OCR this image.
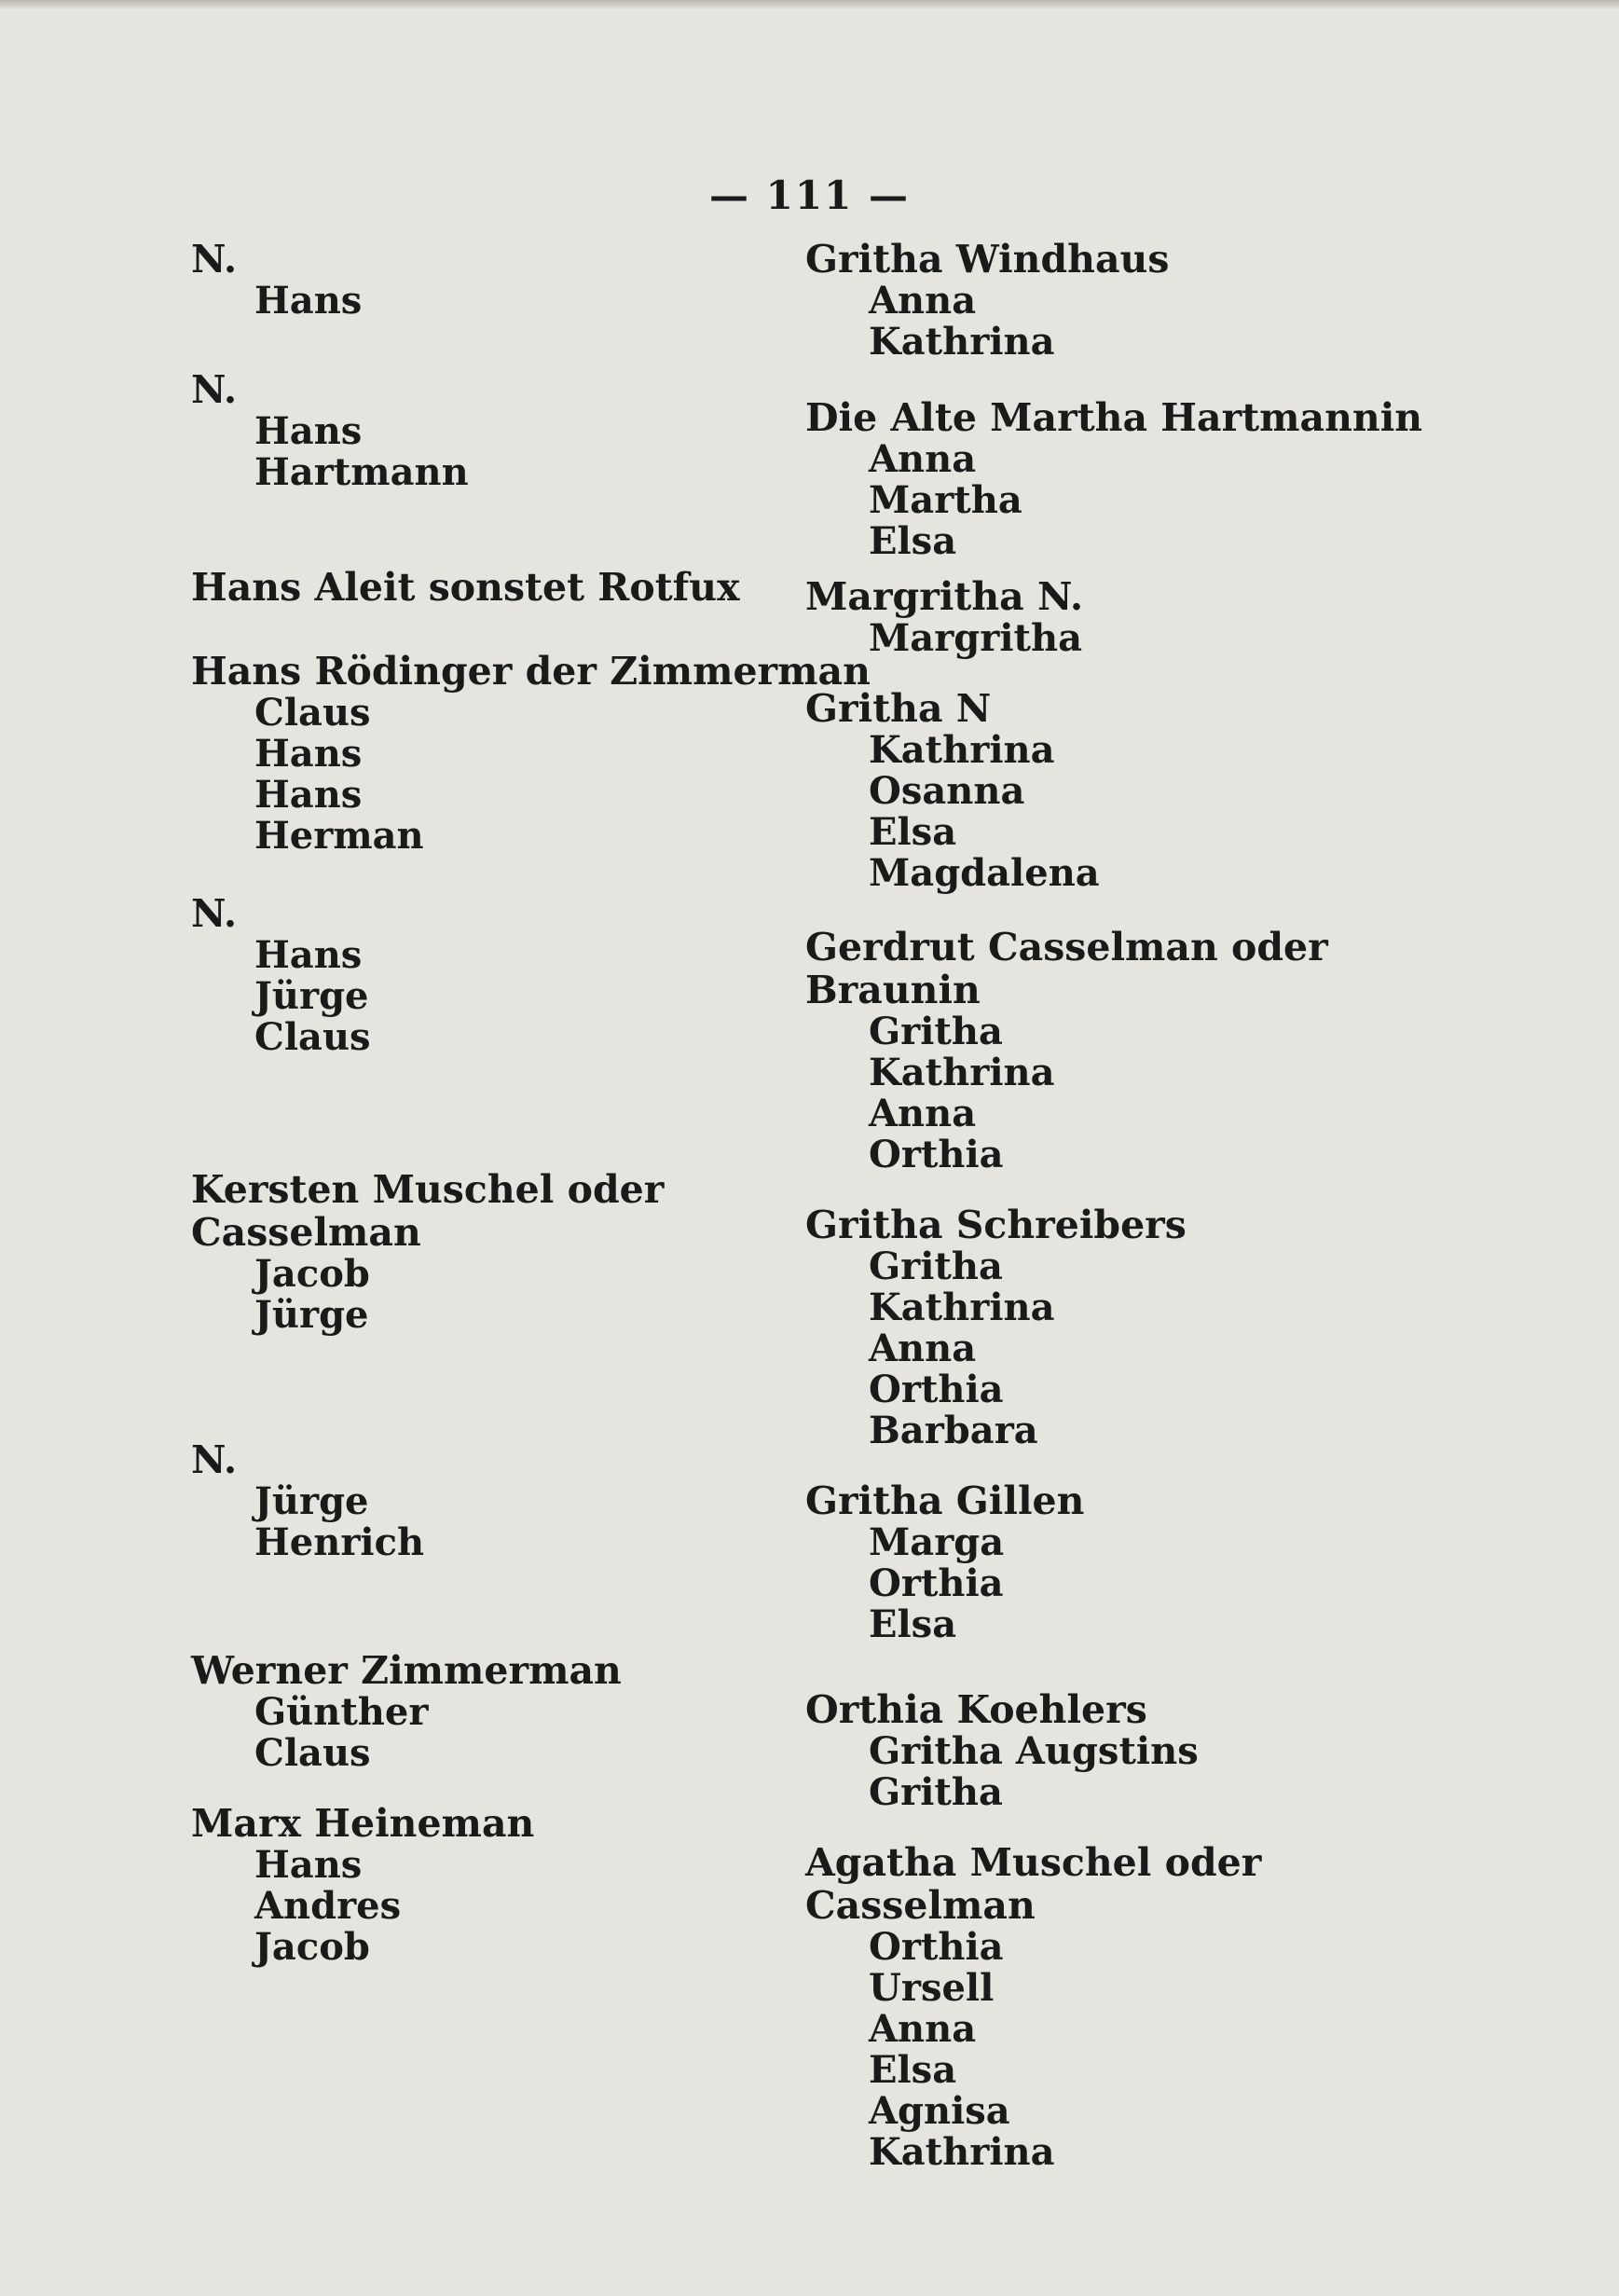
— 111 —
N.
Hans
N.
Hans
Hartmann
Hans Aleit sonstet Rotfux
Hans Rödinger der Zimmerman
Claus
Hans
Hans
Herman
N.
Hans
Jürge
Claus
Kersten Muschel oder Casselman
Jacob
Jürge
N.
Jürge
Henrich
Werner Zimmerman
Günther
Claus
Marx Heineman
Hans
Andres
Jacob
Gritha Windhaus
Anna
Kathrina
Die Alte Martha Hartmannin
Anna
Martha
Elsa
Margritha N.
Margritha
Gritha N
Kathrina
Osanna
Elsa
Magdalena
Gerdrut Casselman oder Braunin
Gritha
Kathrina
Anna
Orthia
Gritha Schreibers
Gritha
Kathrina
Anna
Orthia
Barbara
Gritha Gillen
Marga
Orthia
Elsa
Orthia Koehlers
Gritha Augstins
Gritha
Agatha Muschel oder Casselman
Orthia
Ursell
Anna
Elsa
Agnisa
Kathrina
